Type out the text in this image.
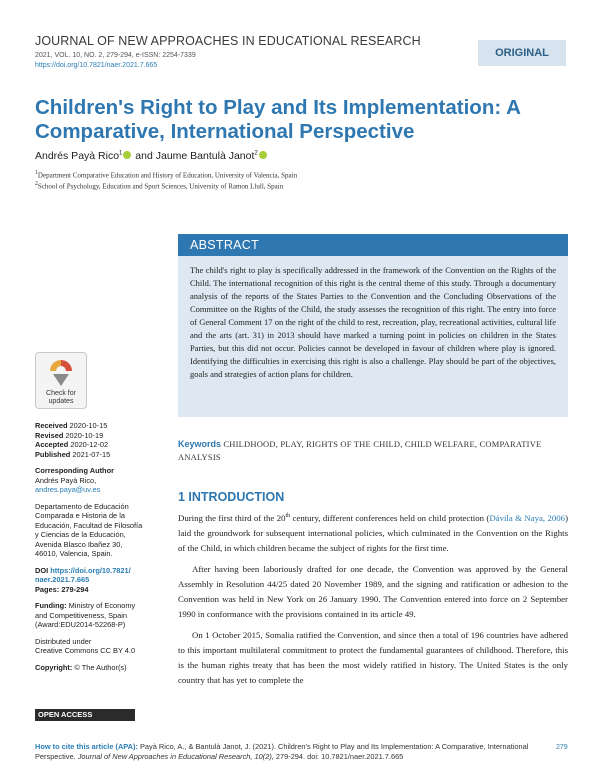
JOURNAL OF NEW APPROACHES IN EDUCATIONAL RESEARCH
2021, VOL. 10, NO. 2, 279-294, e-ISSN: 2254-7339
https://doi.org/10.7821/naer.2021.7.665
ORIGINAL
Children's Right to Play and Its Implementation: A Comparative, International Perspective
Andrés Payà Rico$^1$ and Jaume Bantulà Janot$^2$
$^1$Department Comparative Education and History of Education, University of Valencia, Spain
$^2$School of Psychology, Education and Sport Sciences, University of Ramon Llull, Spain
ABSTRACT

The child's right to play is specifically addressed in the framework of the Convention on the Rights of the Child. The international recognition of this right is the central theme of this study. Through a documentary analysis of the reports of the States Parties to the Convention and the Concluding Observations of the Committee on the Rights of the Child, the study assesses the recognition of this right. The entry into force of General Comment 17 on the right of the child to rest, recreation, play, recreational activities, cultural life and the arts (art. 31) in 2013 should have marked a turning point in policies on children in the States Parties, but this did not occur. Policies cannot be developed in favour of children where play is ignored. Identifying the difficulties in exercising this right is also a challenge. Play should be part of the objectives, goals and strategies of action plans for children.

Check for
updates
Received 2020-10-15
Revised 2020-10-19
Accepted 2020-12-02
Published 2021-07-15
Corresponding Author
Andrés Payà Rico,
andres.paya@uv.es
Departamento de Educación
Comparada e Historia de la
Educación, Facultad de Filosofía
y Ciencias de la Educación,
Avenida Blasco Ibañez 30,
46010, Valencia, Spain.
DOI https://doi.org/10.7821/
naer.2021.7.665
Pages: 279-294
Funding: Ministry of Economy
and Competitiveness, Spain
(Award:EDU2014-52268-P)
Distributed under
Creative Commons CC BY 4.0
Copyright: © The Author(s)
OPEN ACCESS
Keywords CHILDHOOD, PLAY, RIGHTS OF THE CHILD, CHILD WELFARE, COMPARATIVE ANALYSIS
1 INTRODUCTION

During the first third of the 20th century, different conferences held on child protection (Dávila & Naya, 2006) laid the groundwork for subsequent international policies, which culminated in the Convention on the Rights of the Child, in which children became the subject of rights for the first time.

After having been laboriously drafted for one decade, the Convention was approved by the General Assembly in Resolution 44/25 dated 20 November 1989, and the signing and ratification or adhesion to the Convention was held in New York on 26 January 1990. The Convention entered into force on 2 September 1990 in conformance with the provisions contained in its article 49.

On 1 October 2015, Somalia ratified the Convention, and since then a total of 196 countries have adhered to this important multilateral commitment to protect the fundamental guarantees of childhood. Therefore, this is the human rights treaty that has been the most widely ratified in history. The United States is the only country that has yet to complete the

How to cite this article (APA): Payà Rico, A., & Bantulà Janot, J. (2021). Children's Right to Play and Its Implementation: A Comparative, International Perspective. Journal of New Approaches in Educational Research, 10(2), 279-294. doi: 10.7821/naer.2021.7.665
279
